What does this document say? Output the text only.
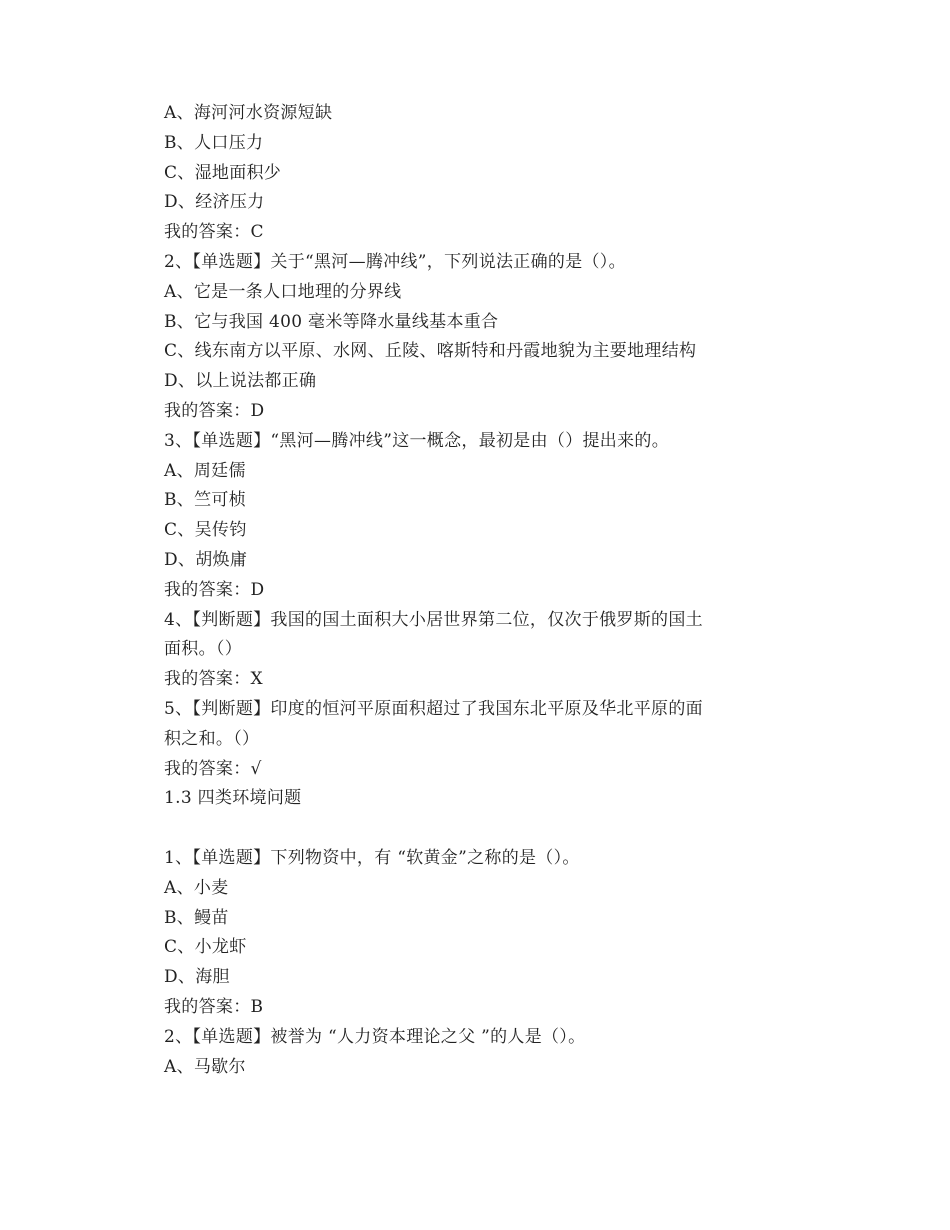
A、海河河水资源短缺
B、人口压力
C、湿地面积少
D、经济压力
我的答案：C
2、【单选题】关于“黑河—腾冲线”，下列说法正确的是（）。
A、它是一条人口地理的分界线
B、它与我国 400 毫米等降水量线基本重合
C、线东南方以平原、水网、丘陵、喀斯特和丹霞地貌为主要地理结构
D、以上说法都正确
我的答案：D
3、【单选题】“黑河—腾冲线”这一概念，最初是由（）提出来的。
A、周廷儒
B、竺可桢
C、吴传钧
D、胡焕庸
我的答案：D
4、【判断题】我国的国土面积大小居世界第二位，仅次于俄罗斯的国土
面积。（）
我的答案：X
5、【判断题】印度的恒河平原面积超过了我国东北平原及华北平原的面
积之和。（）
我的答案：√
1.3 四类环境问题
1、【单选题】下列物资中，有 “软黄金”之称的是（）。
A、小麦
B、鳗苗
C、小龙虾
D、海胆
我的答案：B
2、【单选题】被誉为 “人力资本理论之父 ”的人是（）。
A、马歇尔
